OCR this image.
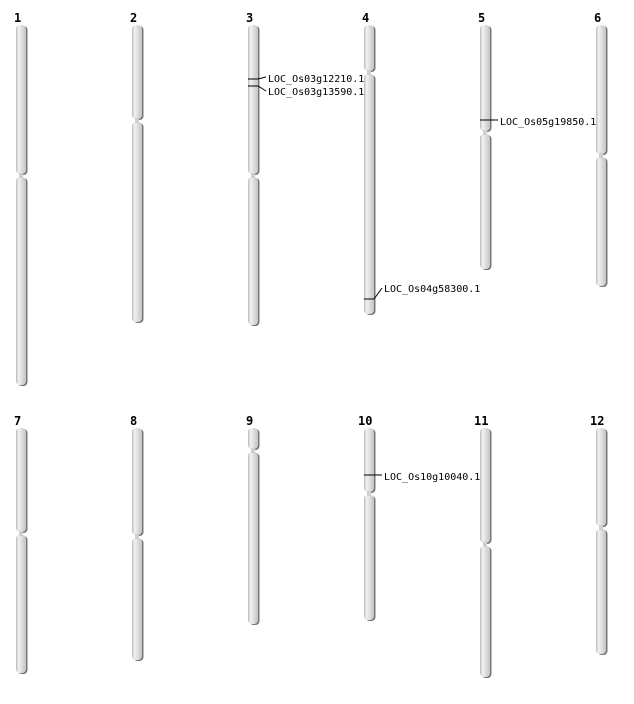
1	2	3	4	5	6
7	8	9	10	11	12
LOC_Os03g12210.1
LOC_Os03g13590.1
LOC_Os04g58300.1
LOC_Os05g19850.1
LOC_Os10g10040.1
